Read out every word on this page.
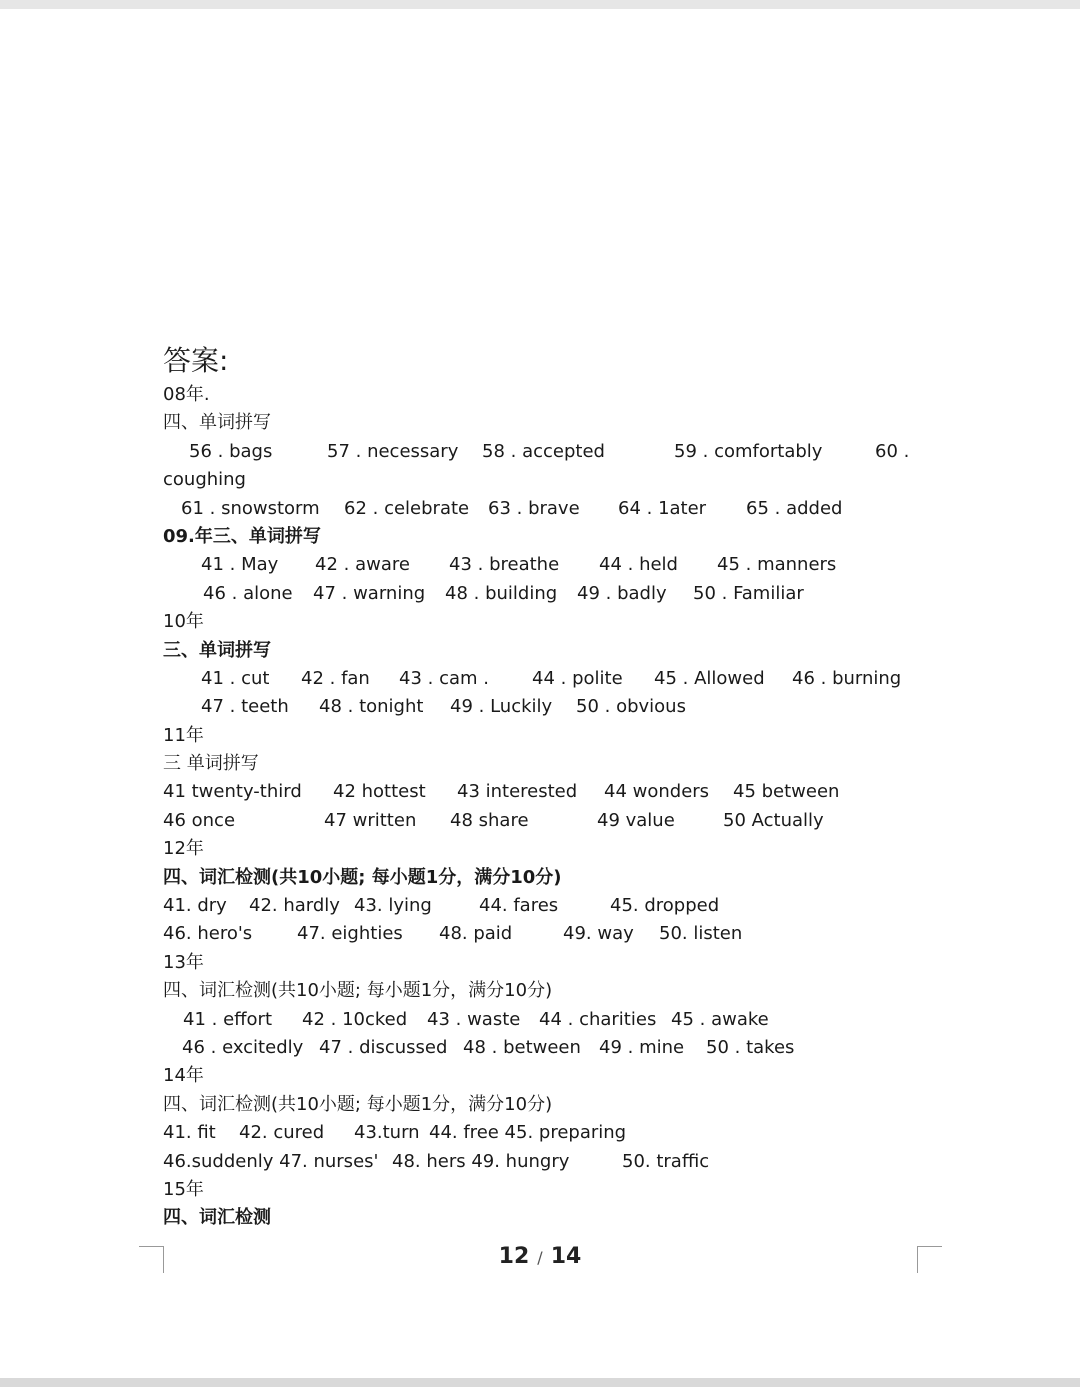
答案:
08年.
四、单词拼写
56 . bags	57 . necessary 58 . accepted	59 . comfortably	60 .
coughing
61 . snowstorm 62 . celebrate 63 . brave 64 . 1ater 65 . added
09.年三、单词拼写
41 . May 42 . aware 43 . breathe 44 . held 45 . manners
46 . alone 47 . warning 48 . building 49 . badly 50 . Familiar
10年
三、单词拼写
41 . cut 42 . fan 43 . cam . 44 . polite 45 . Allowed 46 . burning
47 . teeth 48 . tonight 49 . Luckily 50 . obvious
11年
三 单词拼写
41 twenty-third 42 hottest 43 interested 44 wonders 45 between
46 once	47 written 48 share	49 value	50 Actually
12年
四、词汇检测(共10小题; 每小题1分，满分10分)
41. dry 42. hardly 43. lying	44. fares	45. dropped
46. hero's 47. eighties 48. paid	49. way 50. listen
13年
四、词汇检测(共10小题; 每小题1分，满分10分)
41 . effort 42 . 10cked 43 . waste 44 . charities 45 . awake
46 . excitedly 47 . discussed 48 . between 49 . mine 50 . takes
14年
四、词汇检测(共10小题; 每小题1分，满分10分)
41. fit 42. cured 43.turn 44. free 45. preparing
46.suddenly 47. nurses' 48. hers 49. hungry	50. traffic
15年
四、词汇检测
12 / 14
